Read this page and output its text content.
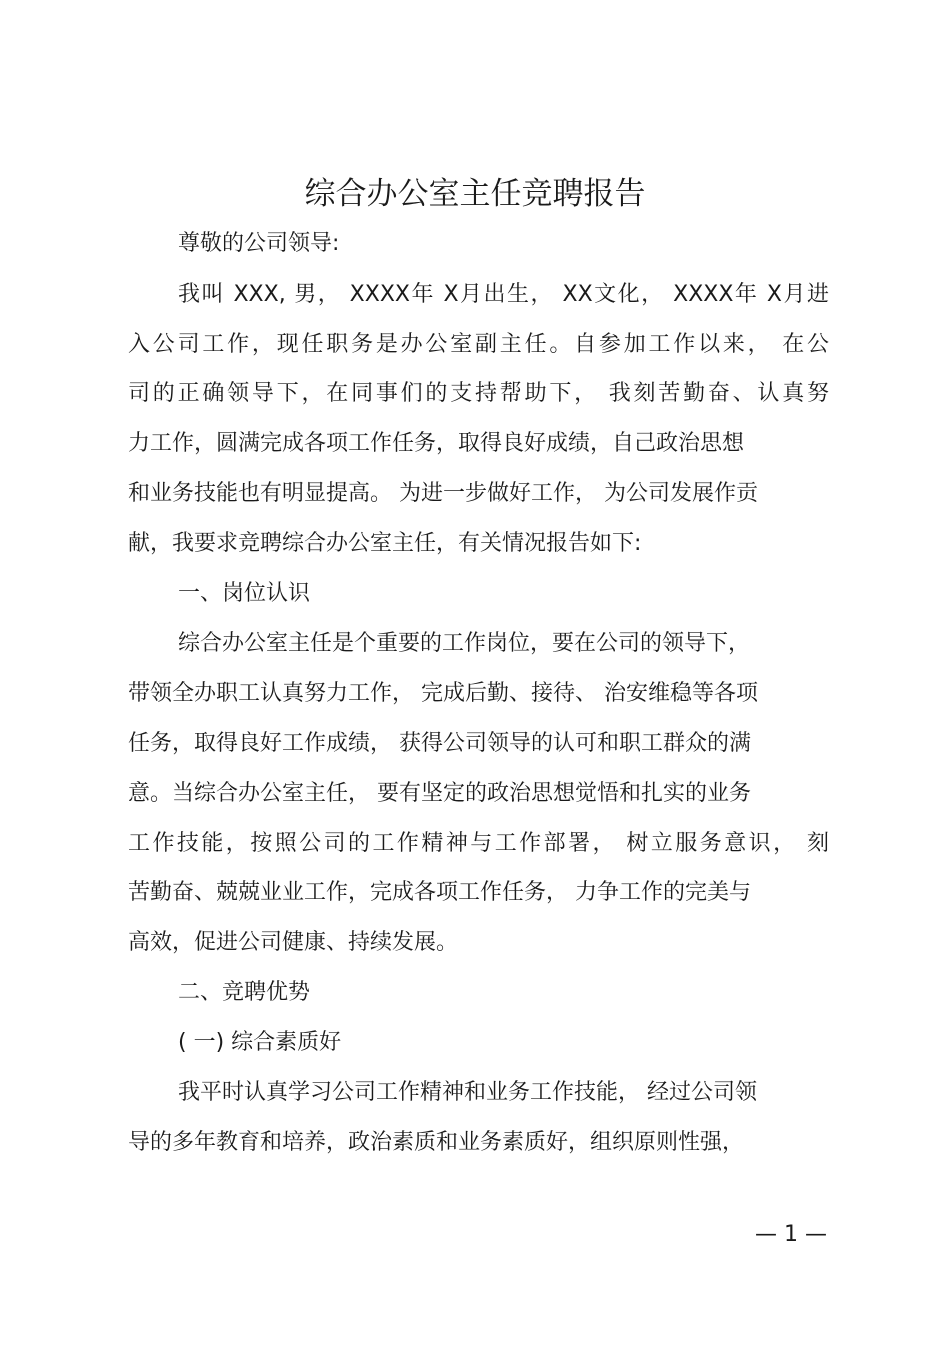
综合办公室主任竞聘报告
尊敬的公司领导:
我叫 XXX, 男， XXXX年 X月出生， XX文化， XXXX年 X月进
入公司工作，现任职务是办公室副主任。自参加工作以来， 在公
司的正确领导下，在同事们的支持帮助下， 我刻苦勤奋、认真努
力工作，圆满完成各项工作任务，取得良好成绩，自己政治思想
和业务技能也有明显提高。 为进一步做好工作， 为公司发展作贡
献，我要求竞聘综合办公室主任，有关情况报告如下:
一、岗位认识
综合办公室主任是个重要的工作岗位，要在公司的领导下，
带领全办职工认真努力工作， 完成后勤、接待、 治安维稳等各项
任务，取得良好工作成绩， 获得公司领导的认可和职工群众的满
意。当综合办公室主任， 要有坚定的政治思想觉悟和扎实的业务
工作技能，按照公司的工作精神与工作部署， 树立服务意识， 刻
苦勤奋、兢兢业业工作，完成各项工作任务， 力争工作的完美与
高效，促进公司健康、持续发展。
二、竞聘优势
( 一) 综合素质好
我平时认真学习公司工作精神和业务工作技能， 经过公司领
导的多年教育和培养，政治素质和业务素质好，组织原则性强，
— 1 —
